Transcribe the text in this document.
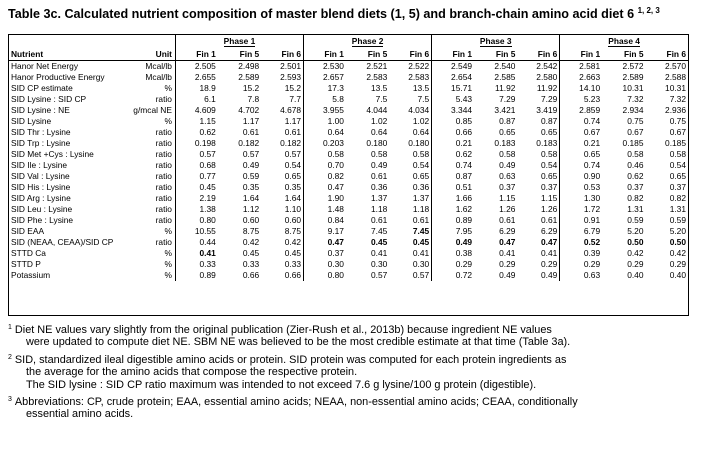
Table 3c. Calculated nutrient composition of master blend diets (1, 5) and branch-chain amino acid diet 6 $^{1, 2, 3}$
		Phase 1			Phase 2			Phase 3			Phase 4		
Nutrient	Unit	Fin 1	Fin 5	Fin 6	Fin 1	Fin 5	Fin 6	Fin 1	Fin 5	Fin 6	Fin 1	Fin 5	Fin 6
Hanor Net Energy	Mcal/lb	2.505	2.498	2.501	2.530	2.521	2.522	2.549	2.540	2.542	2.581	2.572	2.570
Hanor Productive Energy	Mcal/lb	2.655	2.589	2.593	2.657	2.583	2.583	2.654	2.585	2.580	2.663	2.589	2.588
SID CP estimate	%	18.9	15.2	15.2	17.3	13.5	13.5	15.71	11.92	11.92	14.10	10.31	10.31
SID Lysine : SID CP	ratio	6.1	7.8	7.7	5.8	7.5	7.5	5.43	7.29	7.29	5.23	7.32	7.32
SID Lysine : NE	g/mcal NE	4.609	4.702	4.678	3.955	4.044	4.034	3.344	3.421	3.419	2.859	2.934	2.936
SID Lysine	%	1.15	1.17	1.17	1.00	1.02	1.02	0.85	0.87	0.87	0.74	0.75	0.75
SID Thr : Lysine	ratio	0.62	0.61	0.61	0.64	0.64	0.64	0.66	0.65	0.65	0.67	0.67	0.67
SID Trp : Lysine	ratio	0.198	0.182	0.182	0.203	0.180	0.180	0.21	0.183	0.183	0.21	0.185	0.185
SID Met +Cys : Lysine	ratio	0.57	0.57	0.57	0.58	0.58	0.58	0.62	0.58	0.58	0.65	0.58	0.58
SID Ile : Lysine	ratio	0.68	0.49	0.54	0.70	0.49	0.54	0.74	0.49	0.54	0.74	0.46	0.54
SID Val : Lysine	ratio	0.77	0.59	0.65	0.82	0.61	0.65	0.87	0.63	0.65	0.90	0.62	0.65
SID His : Lysine	ratio	0.45	0.35	0.35	0.47	0.36	0.36	0.51	0.37	0.37	0.53	0.37	0.37
SID Arg : Lysine	ratio	2.19	1.64	1.64	1.90	1.37	1.37	1.66	1.15	1.15	1.30	0.82	0.82
SID Leu : Lysine	ratio	1.38	1.12	1.10	1.48	1.18	1.18	1.62	1.26	1.26	1.72	1.31	1.31
SID Phe : Lysine	ratio	0.80	0.60	0.60	0.84	0.61	0.61	0.89	0.61	0.61	0.91	0.59	0.59
SID EAA	%	10.55	8.75	8.75	9.17	7.45	7.45	7.95	6.29	6.29	6.79	5.20	5.20
SID (NEAA, CEAA)/SID CP	ratio	0.44	0.42	0.42	0.47	0.45	0.45	0.49	0.47	0.47	0.52	0.50	0.50
STTD Ca	%	0.41	0.45	0.45	0.37	0.41	0.41	0.38	0.41	0.41	0.39	0.42	0.42
STTD P	%	0.33	0.33	0.33	0.30	0.30	0.30	0.29	0.29	0.29	0.29	0.29	0.29
Potassium	%	0.89	0.66	0.66	0.80	0.57	0.57	0.72	0.49	0.49	0.63	0.40	0.40
$^1$ Diet NE values vary slightly from the original publication (Zier-Rush et al., 2013b) because ingredient NE values
were updated to compute diet NE. SBM NE was believed to be the most credible estimate at that time (Table 3a).
$^2$ SID, standardized ileal digestible amino acids or protein. SID protein was computed for each protein ingredients as
the average for the amino acids that compose the respective protein.
The SID lysine : SID CP ratio maximum was intended to not exceed 7.6 g lysine/100 g protein (digestible).
$^3$ Abbreviations: CP, crude protein; EAA, essential amino acids; NEAA, non-essential amino acids; CEAA, conditionally
essential amino acids.
